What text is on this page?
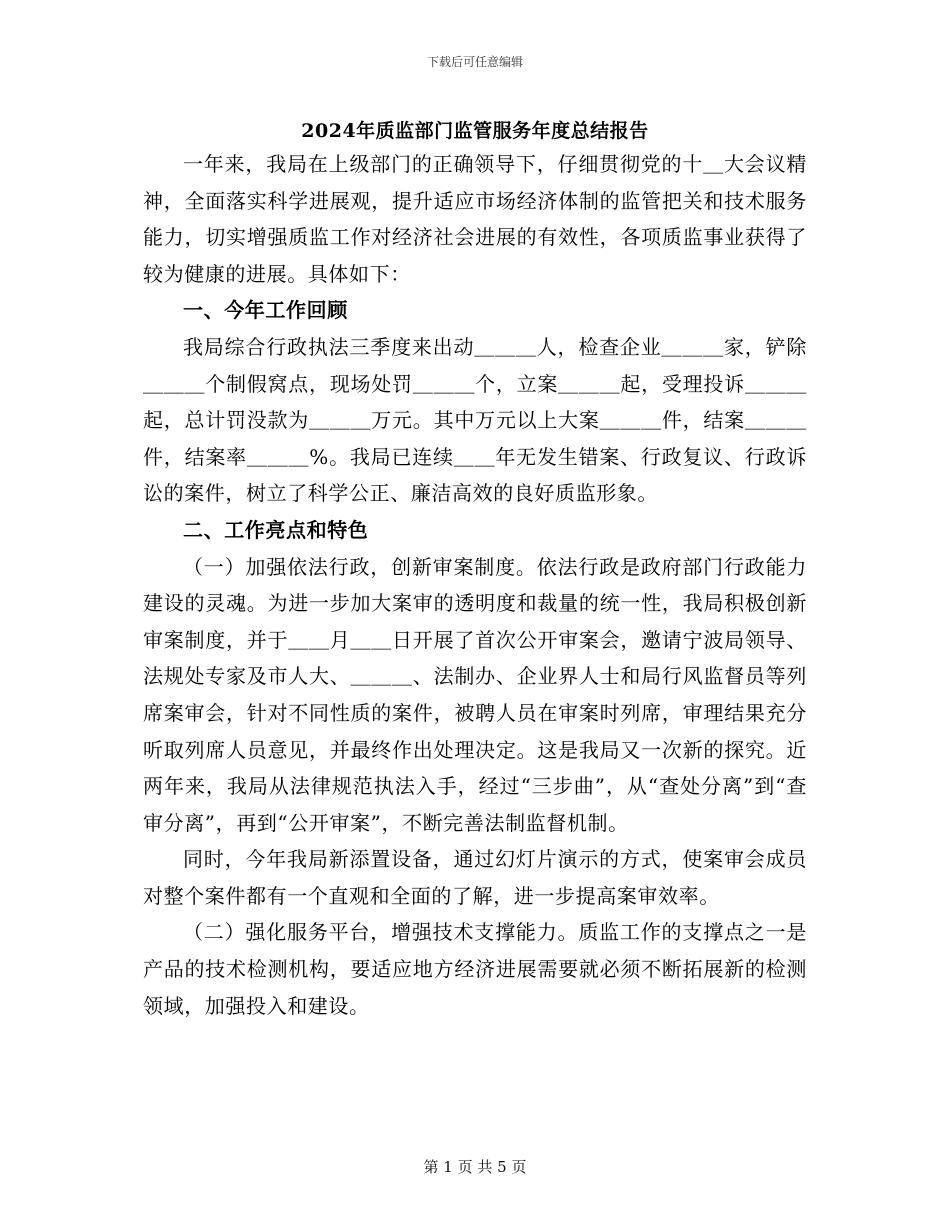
下载后可任意编辑
2024年质监部门监管服务年度总结报告

一年来，我局在上级部门的正确领导下，仔细贯彻党的十＿大会议精神，全面落实科学进展观，提升适应市场经济体制的监管把关和技术服务能力，切实增强质监工作对经济社会进展的有效性，各项质监事业获得了较为健康的进展。具体如下：

一、今年工作回顾

我局综合行政执法三季度来出动＿＿＿人，检查企业＿＿＿家，铲除＿＿＿个制假窝点，现场处罚＿＿＿个，立案＿＿＿起，受理投诉＿＿＿起，总计罚没款为＿＿＿万元。其中万元以上大案＿＿＿件，结案＿＿＿件，结案率＿＿＿%。我局已连续＿＿年无发生错案、行政复议、行政诉讼的案件，树立了科学公正、廉洁高效的良好质监形象。

二、工作亮点和特色

（一）加强依法行政，创新审案制度。依法行政是政府部门行政能力建设的灵魂。为进一步加大案审的透明度和裁量的统一性，我局积极创新审案制度，并于＿＿月＿＿日开展了首次公开审案会，邀请宁波局领导、法规处专家及市人大、＿＿＿、法制办、企业界人士和局行风监督员等列席案审会，针对不同性质的案件，被聘人员在审案时列席，审理结果充分听取列席人员意见，并最终作出处理决定。这是我局又一次新的探究。近两年来，我局从法律规范执法入手，经过“三步曲”，从“查处分离”到“查审分离”，再到“公开审案”，不断完善法制监督机制。

同时，今年我局新添置设备，通过幻灯片演示的方式，使案审会成员对整个案件都有一个直观和全面的了解，进一步提高案审效率。

（二）强化服务平台，增强技术支撑能力。质监工作的支撑点之一是产品的技术检测机构，要适应地方经济进展需要就必须不断拓展新的检测领域，加强投入和建设。

第 1 页 共 5 页
